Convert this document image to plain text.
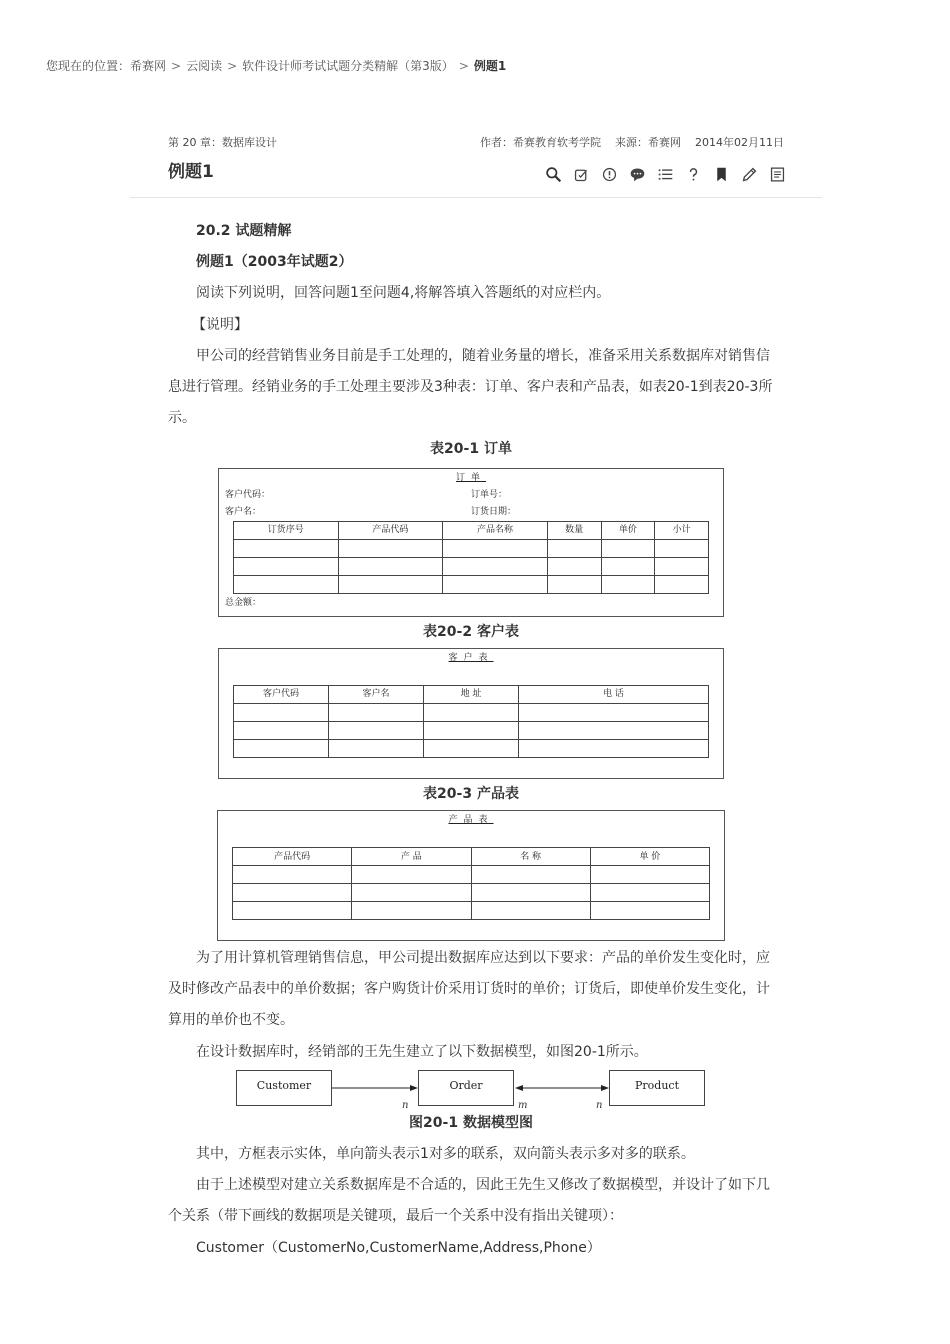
您现在的位置：希赛网 > 云阅读 > 软件设计师考试试题分类精解（第3版） > 例题1
第 20 章：数据库设计	作者：希赛教育软考学院 来源：希赛网 2014年02月11日
例题1

20.2 试题精解

例题1（2003年试题2）

阅读下列说明，回答问题1至问题4,将解答填入答题纸的对应栏内。

【说明】

甲公司的经营销售业务目前是手工处理的，随着业务量的增长，准备采用关系数据库对销售信息进行管理。经销业务的手工处理主要涉及3种表：订单、客户表和产品表，如表20-1到表20-3所示。

表20-1 订单
订单
客户代码：	订单号：
客户名：	订货日期：
订货序号	产品代码	产品名称	数量	单价	小计

总金额：
表20-2 客户表
客户表
客户代码	客户名	地 址	电 话

表20-3 产品表
产品表
产品代码	产 品	名 称	单 价

为了用计算机管理销售信息，甲公司提出数据库应达到以下要求：产品的单价发生变化时，应及时修改产品表中的单价数据；客户购货计价采用订货时的单价；订货后，即使单价发生变化，计算用的单价也不变。

在设计数据库时，经销部的王先生建立了以下数据模型，如图20-1所示。

Customer	Order	Product
n	m	n
图20-1 数据模型图

其中，方框表示实体，单向箭头表示1对多的联系，双向箭头表示多对多的联系。

由于上述模型对建立关系数据库是不合适的，因此王先生又修改了数据模型，并设计了如下几个关系（带下画线的数据项是关键项，最后一个关系中没有指出关键项）：

Customer（CustomerNo,CustomerName,Address,Phone）
